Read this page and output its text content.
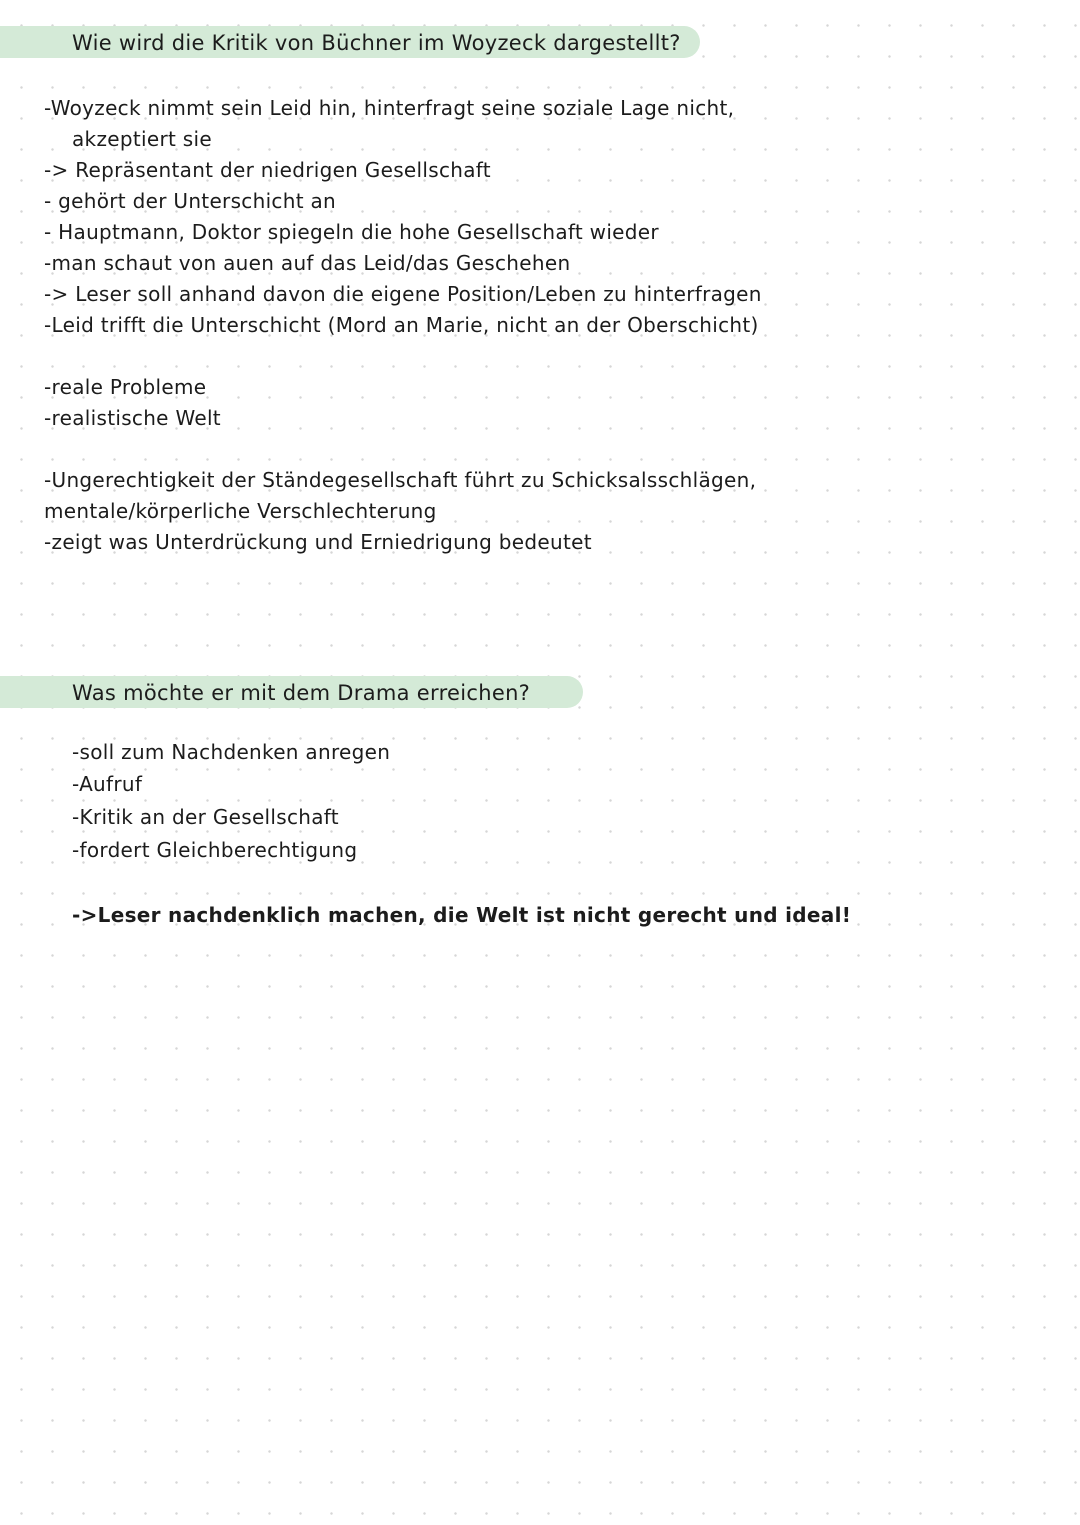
Wie wird die Kritik von Büchner im Woyzeck dargestellt?
-Woyzeck nimmt sein Leid hin, hinterfragt seine soziale Lage nicht,
akzeptiert sie
-> Repräsentant der niedrigen Gesellschaft
- gehört der Unterschicht an
- Hauptmann, Doktor spiegeln die hohe Gesellschaft wieder
-man schaut von auen auf das Leid/das Geschehen
-> Leser soll anhand davon die eigene Position/Leben zu hinterfragen
-Leid trifft die Unterschicht (Mord an Marie, nicht an der Oberschicht)
-reale Probleme
-realistische Welt
-Ungerechtigkeit der Ständegesellschaft führt zu Schicksalsschlägen,
mentale/körperliche Verschlechterung
-zeigt was Unterdrückung und Erniedrigung bedeutet
Was möchte er mit dem Drama erreichen?
-soll zum Nachdenken anregen
-Aufruf
-Kritik an der Gesellschaft
-fordert Gleichberechtigung
->Leser nachdenklich machen, die Welt ist nicht gerecht und ideal!
